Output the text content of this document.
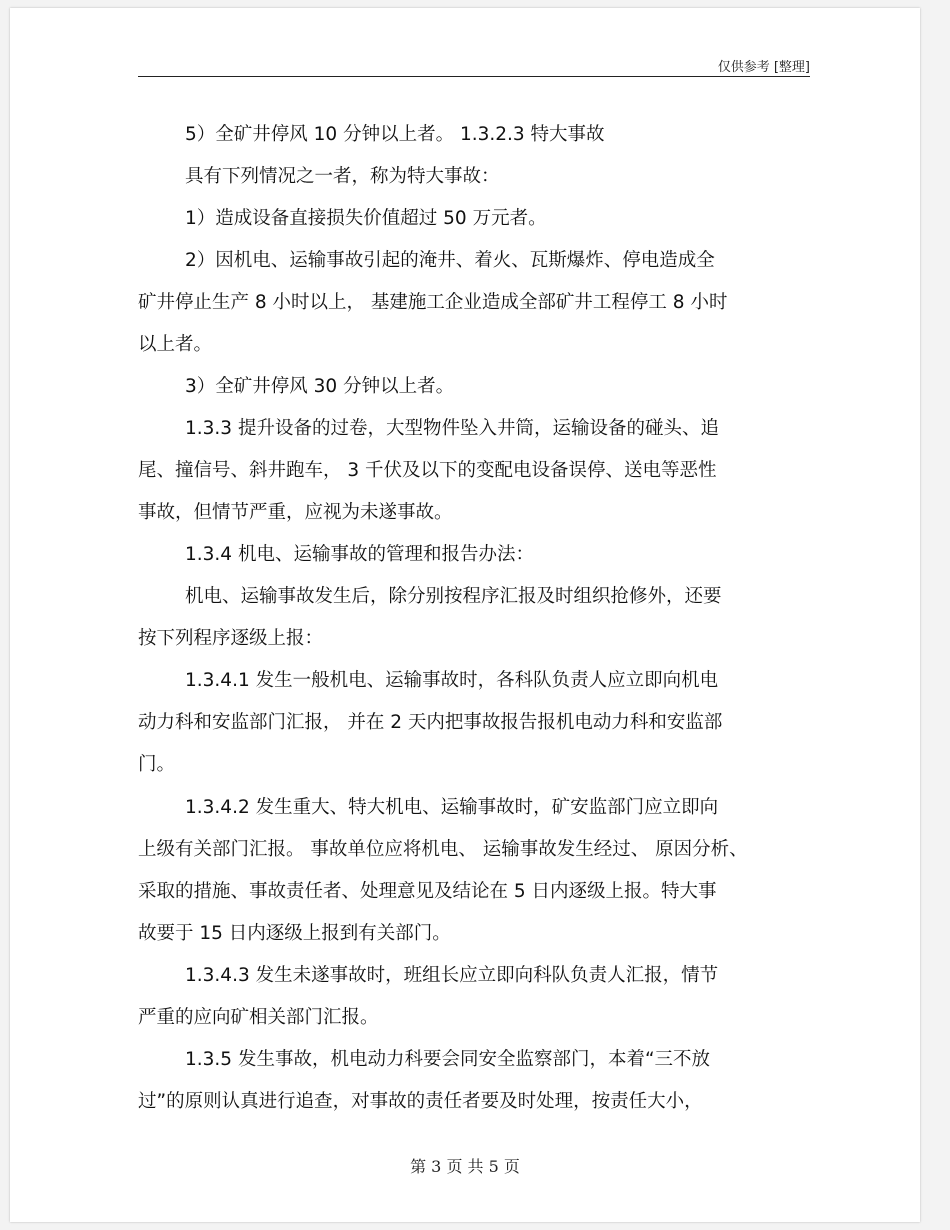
仅供参考 [整理]

5）全矿井停风 10 分钟以上者。 1.3.2.3 特大事故

具有下列情况之一者，称为特大事故：

1）造成设备直接损失价值超过 50 万元者。

2）因机电、运输事故引起的淹井、着火、瓦斯爆炸、停电造成全

矿井停止生产 8 小时以上， 基建施工企业造成全部矿井工程停工 8 小时

以上者。

3）全矿井停风 30 分钟以上者。

1.3.3 提升设备的过卷，大型物件坠入井筒，运输设备的碰头、追

尾、撞信号、斜井跑车， 3 千伏及以下的变配电设备误停、送电等恶性

事故，但情节严重，应视为未遂事故。

1.3.4 机电、运输事故的管理和报告办法：

机电、运输事故发生后，除分别按程序汇报及时组织抢修外，还要

按下列程序逐级上报：

1.3.4.1 发生一般机电、运输事故时，各科队负责人应立即向机电

动力科和安监部门汇报， 并在 2 天内把事故报告报机电动力科和安监部

门。

1.3.4.2 发生重大、特大机电、运输事故时，矿安监部门应立即向

上级有关部门汇报。 事故单位应将机电、 运输事故发生经过、 原因分析、

采取的措施、事故责任者、处理意见及结论在 5 日内逐级上报。特大事

故要于 15 日内逐级上报到有关部门。

1.3.4.3 发生未遂事故时，班组长应立即向科队负责人汇报，情节

严重的应向矿相关部门汇报。

1.3.5 发生事故，机电动力科要会同安全监察部门，本着“三不放

过”的原则认真进行追查，对事故的责任者要及时处理，按责任大小，

第 3 页 共 5 页
